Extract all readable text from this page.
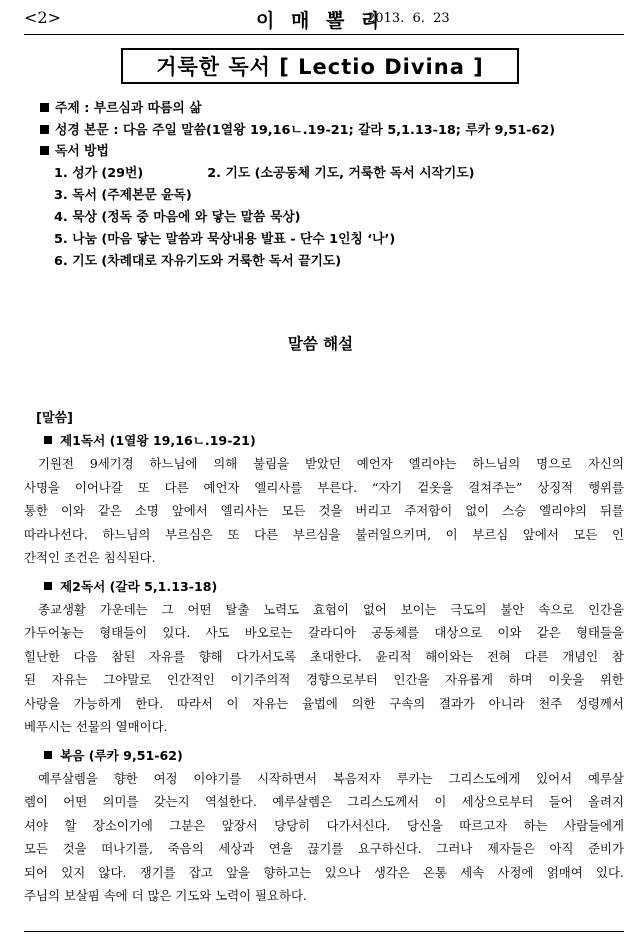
<2>	이 매 뽈 리
2013.  6.  23
거룩한 독서 [ Lectio Divina ]
주제 : 부르심과 따름의 삶
성경 본문 : 다음 주일 말씀(1열왕 19,16ㄴ.19-21; 갈라 5,1.13-18; 루카 9,51-62)
독서 방법
1. 성가 (29번)	2. 기도 (소공동체 기도, 거룩한 독서 시작기도)
3. 독서 (주제본문 윤독)
4. 묵상 (정독 중 마음에 와 닿는 말씀 묵상)
5. 나눔 (마음 닿는 말씀과 묵상내용 발표 - 단수 1인칭 ‘나’)
6. 기도 (차례대로 자유기도와 거룩한 독서 끝기도)
말씀 해설
[말씀]
제1독서 (1열왕 19,16ㄴ.19-21)
기원전 9세기경 하느님에 의해 불림을 받았던 예언자 엘리야는 하느님의 명으로 자신의
사명을 이어나갈 또 다른 예언자 엘리사를 부른다. “자기 겉옷을 걸쳐주는” 상징적 행위를
통한 이와 같은 소명 앞에서 엘리사는 모든 것을 버리고 주저함이 없이 스승 엘리야의 뒤를
따라나선다. 하느님의 부르심은 또 다른 부르심을 불러일으키며, 이 부르심 앞에서 모든 인
간적인 조건은 침식된다.
제2독서 (갈라 5,1.13-18)
종교생활 가운데는 그 어떤 탈출 노력도 효험이 없어 보이는 극도의 불안 속으로 인간을
가두어놓는 형태들이 있다. 사도 바오로는 갈라디아 공동체를 대상으로 이와 같은 형태들을
힐난한 다음 참된 자유를 향해 다가서도록 초대한다. 윤리적 해이와는 전혀 다른 개념인 참
된 자유는 그야말로 인간적인 이기주의적 경향으로부터 인간을 자유롭게 하며 이웃을 위한
사랑을 가능하게 한다. 따라서 이 자유는 율법에 의한 구속의 결과가 아니라 천주 성령께서
베푸시는 선물의 열매이다.
복음 (루카 9,51-62)
예루살렘을 향한 여정 이야기를 시작하면서 복음저자 루카는 그리스도에게 있어서 예루살
렘이 어떤 의미를 갖는지 역설한다. 예루살렘은 그리스도께서 이 세상으로부터 들어 올려지
셔야 할 장소이기에 그분은 앞장서 당당히 다가서신다. 당신을 따르고자 하는 사람들에게
모든 것을 떠나기를, 죽음의 세상과 연을 끊기를 요구하신다. 그러나 제자들은 아직 준비가
되어 있지 않다. 쟁기를 잡고 앞을 향하고는 있으나 생각은 온통 세속 사정에 얽매여 있다.
주님의 보살핌 속에 더 많은 기도와 노력이 필요하다.
